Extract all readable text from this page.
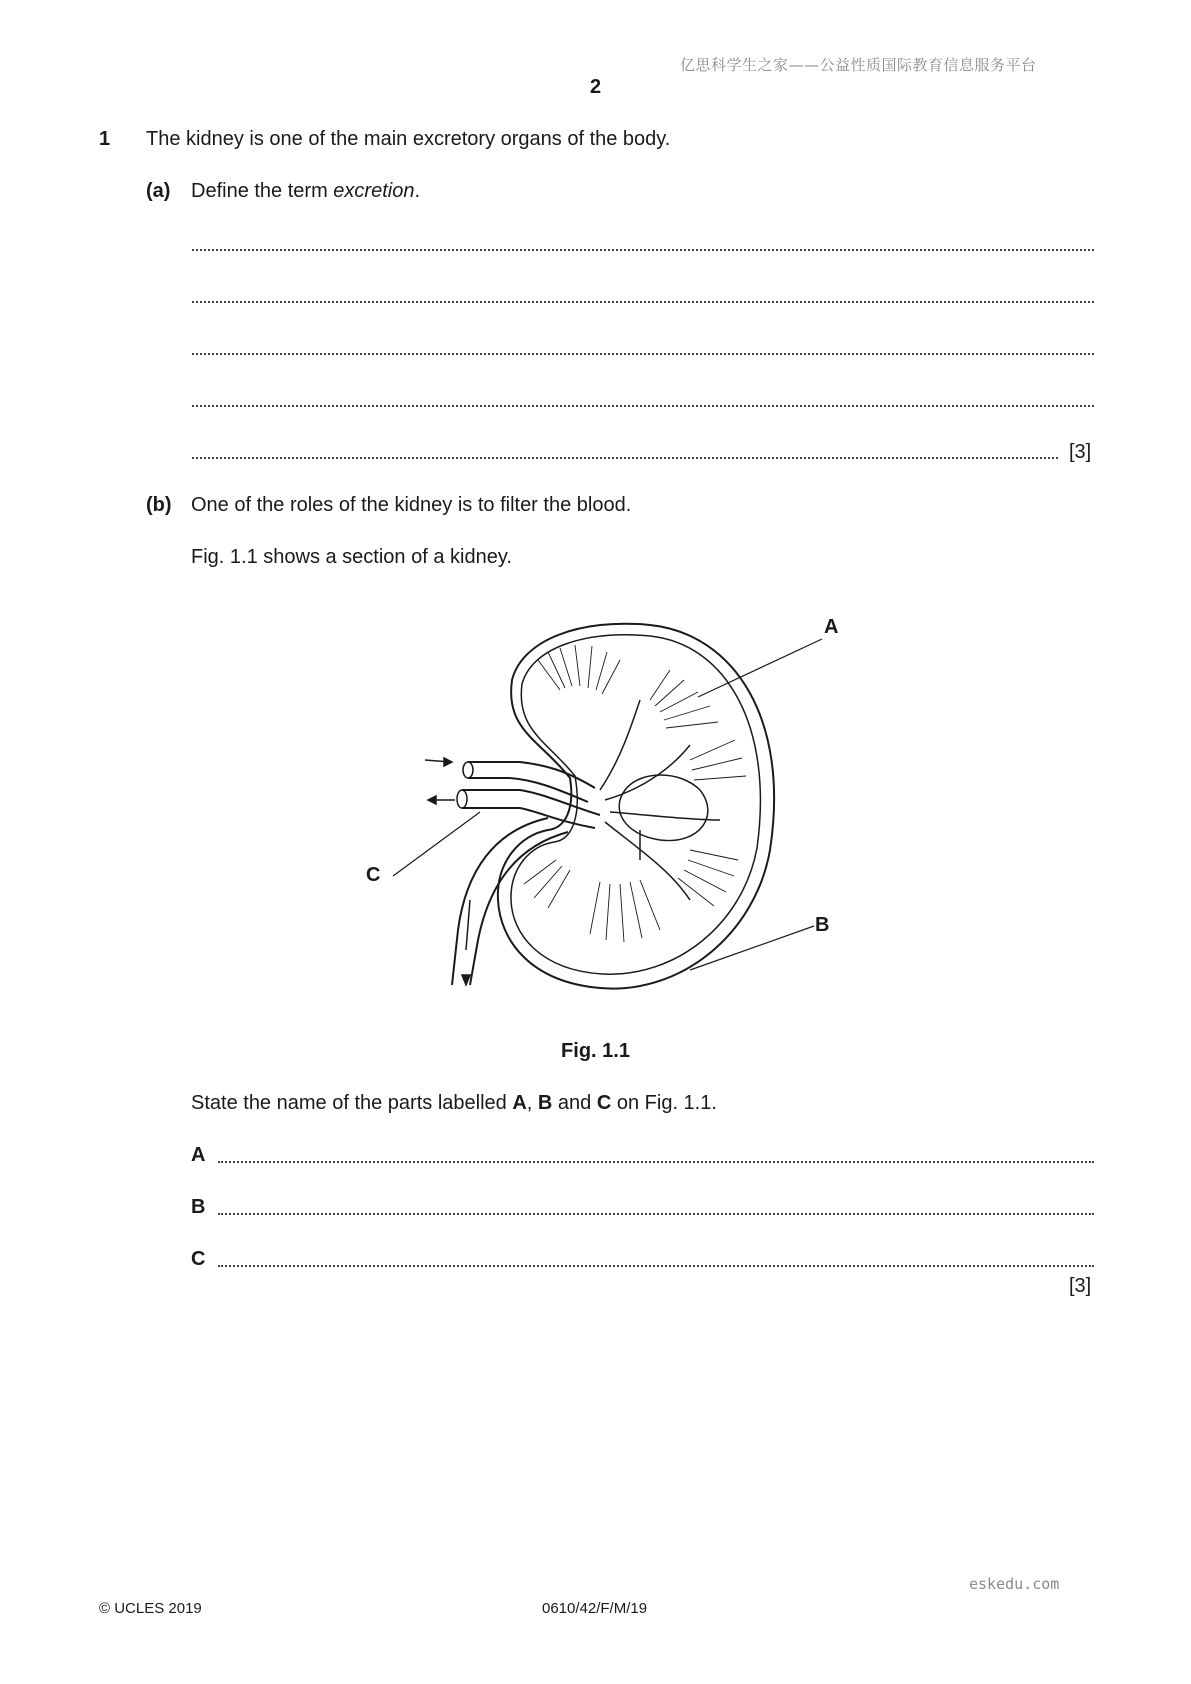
亿思科学生之家——公益性质国际教育信息服务平台
2
1 The kidney is one of the main excretory organs of the body.
(a) Define the term excretion.
[3]
(b) One of the roles of the kidney is to filter the blood.
Fig. 1.1 shows a section of a kidney.
A
B
C
Fig. 1.1
State the name of the parts labelled A, B and C on Fig. 1.1.
A
B
C
[3]
eskedu.com
© UCLES 2019	0610/42/F/M/19
